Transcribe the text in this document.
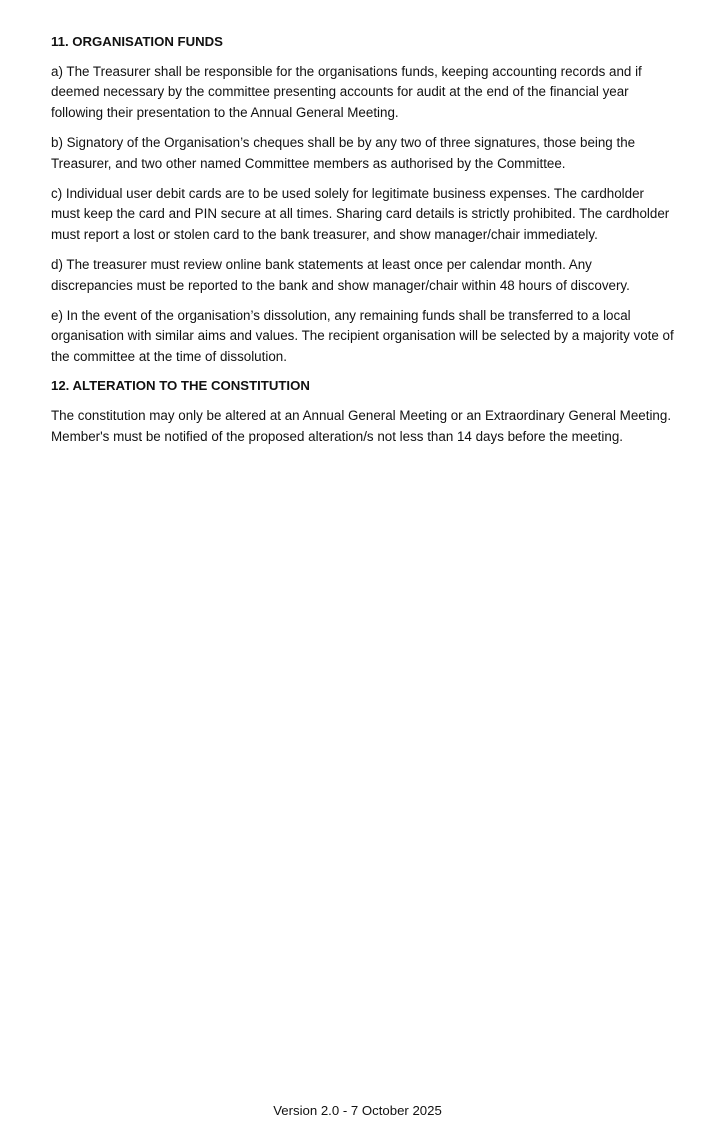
11. ORGANISATION FUNDS

a) The Treasurer shall be responsible for the organisations funds, keeping accounting records and if deemed necessary by the committee presenting accounts for audit at the end of the financial year following their presentation to the Annual General Meeting.

b) Signatory of the Organisation’s cheques shall be by any two of three signatures, those being the Treasurer, and two other named Committee members as authorised by the Committee.

c) Individual user debit cards are to be used solely for legitimate business expenses. The cardholder must keep the card and PIN secure at all times. Sharing card details is strictly prohibited. The cardholder must report a lost or stolen card to the bank treasurer, and show manager/chair immediately.

d) The treasurer must review online bank statements at least once per calendar month. Any discrepancies must be reported to the bank and show manager/chair within 48 hours of discovery.

e) In the event of the organisation’s dissolution, any remaining funds shall be transferred to a local organisation with similar aims and values. The recipient organisation will be selected by a majority vote of the committee at the time of dissolution.

12. ALTERATION TO THE CONSTITUTION

The constitution may only be altered at an Annual General Meeting or an Extraordinary General Meeting. Member's must be notified of the proposed alteration/s not less than 14 days before the meeting.

Version 2.0 - 7 October 2025
